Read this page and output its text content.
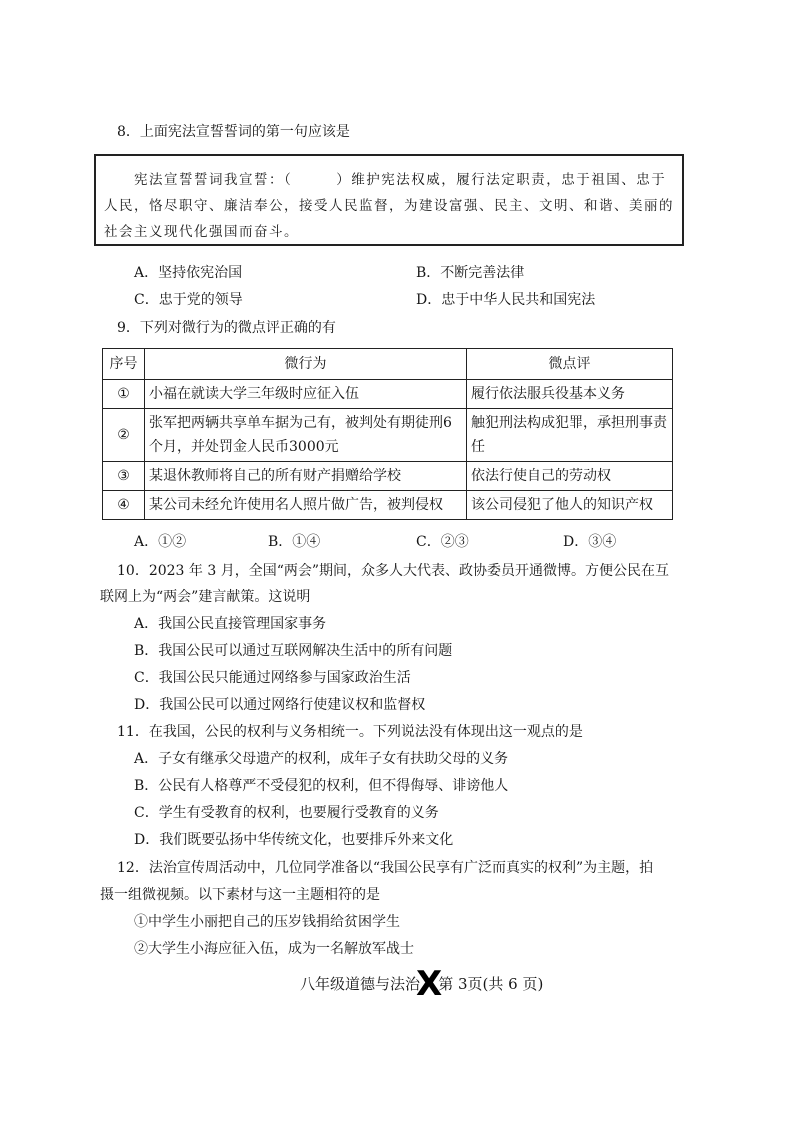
8．上面宪法宣誓誓词的第一句应该是
宪法宣誓誓词我宣誓：（	）维护宪法权威，履行法定职责，忠于祖国、忠于
人民，恪尽职守、廉洁奉公，接受人民监督，为建设富强、民主、文明、和谐、美丽的
社会主义现代化强国而奋斗。
A．坚持依宪治国	B．不断完善法律
C．忠于党的领导	D．忠于中华人民共和国宪法
9．下列对微行为的微点评正确的有
序号	微行为	微点评
①	小福在就读大学三年级时应征入伍	履行依法服兵役基本义务
②	张军把两辆共享单车据为己有，被判处有期徒刑6个月，并处罚金人民币3000元	触犯刑法构成犯罪，承担刑事责任
③	某退休教师将自己的所有财产捐赠给学校	依法行使自己的劳动权
④	某公司未经允许使用名人照片做广告，被判侵权	该公司侵犯了他人的知识产权
A．①②	B．①④	C．②③	D．③④
10．2023 年 3 月，全国“两会”期间，众多人大代表、政协委员开通微博。方便公民在互
联网上为“两会”建言献策。这说明
A．我国公民直接管理国家事务
B．我国公民可以通过互联网解决生活中的所有问题
C．我国公民只能通过网络参与国家政治生活
D．我国公民可以通过网络行使建议权和监督权
11．在我国，公民的权利与义务相统一。下列说法没有体现出这一观点的是
A．子女有继承父母遗产的权利，成年子女有扶助父母的义务
B．公民有人格尊严不受侵犯的权利，但不得侮辱、诽谤他人
C．学生有受教育的权利，也要履行受教育的义务
D．我们既要弘扬中华传统文化，也要排斥外来文化
12．法治宣传周活动中，几位同学准备以“我国公民享有广泛而真实的权利”为主题，拍
摄一组微视频。以下素材与这一主题相符的是
①中学生小丽把自己的压岁钱捐给贫困学生
②大学生小海应征入伍，成为一名解放军战士
八年级道德与法治X第 3页(共 6 页)
